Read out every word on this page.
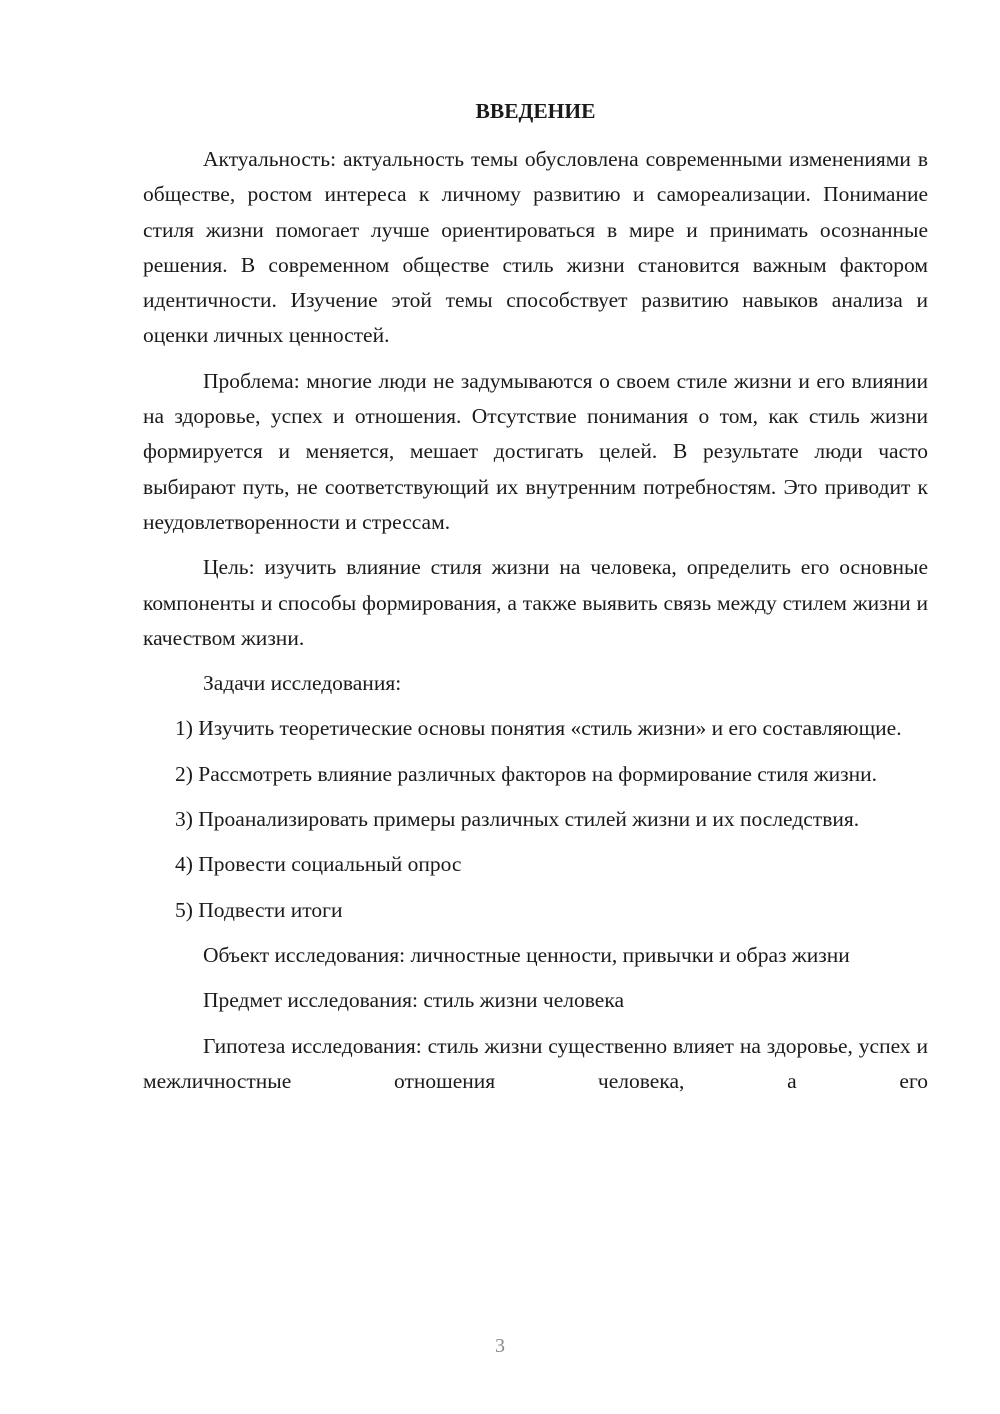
ВВЕДЕНИЕ

Актуальность: актуальность темы обусловлена современными изменениями в обществе, ростом интереса к личному развитию и самореализации. Понимание стиля жизни помогает лучше ориентироваться в мире и принимать осознанные решения. В современном обществе стиль жизни становится важным фактором идентичности. Изучение этой темы способствует развитию навыков анализа и оценки личных ценностей.

Проблема: многие люди не задумываются о своем стиле жизни и его влиянии на здоровье, успех и отношения. Отсутствие понимания о том, как стиль жизни формируется и меняется, мешает достигать целей. В результате люди часто выбирают путь, не соответствующий их внутренним потребностям. Это приводит к неудовлетворенности и стрессам.

Цель: изучить влияние стиля жизни на человека, определить его основные компоненты и способы формирования, а также выявить связь между стилем жизни и качеством жизни.

Задачи исследования:

1) Изучить теоретические основы понятия «стиль жизни» и его составляющие.

2) Рассмотреть влияние различных факторов на формирование стиля жизни.

3) Проанализировать примеры различных стилей жизни и их последствия.

4) Провести социальный опрос

5) Подвести итоги

Объект исследования: личностные ценности, привычки и образ жизни

Предмет исследования: стиль жизни человека

Гипотеза исследования: стиль жизни существенно влияет на здоровье, успех и межличностные отношения человека, а его

3
